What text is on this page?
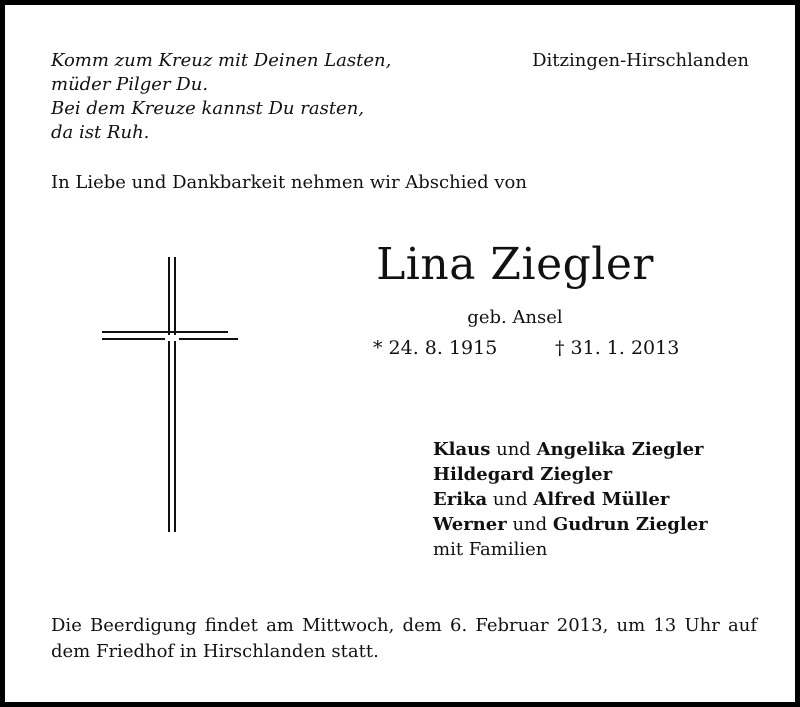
Komm zum Kreuz mit Deinen Lasten,
müder Pilger Du.
Bei dem Kreuze kannst Du rasten,
da ist Ruh.
Ditzingen-Hirschlanden
In Liebe und Dankbarkeit nehmen wir Abschied von
Lina Ziegler
geb. Ansel
* 24. 8. 1915	† 31. 1. 2013
Klaus und Angelika Ziegler
Hildegard Ziegler
Erika und Alfred Müller
Werner und Gudrun Ziegler
mit Familien
Die Beerdigung findet am Mittwoch, dem 6. Februar 2013, um 13 Uhr auf dem Friedhof in Hirschlanden statt.
